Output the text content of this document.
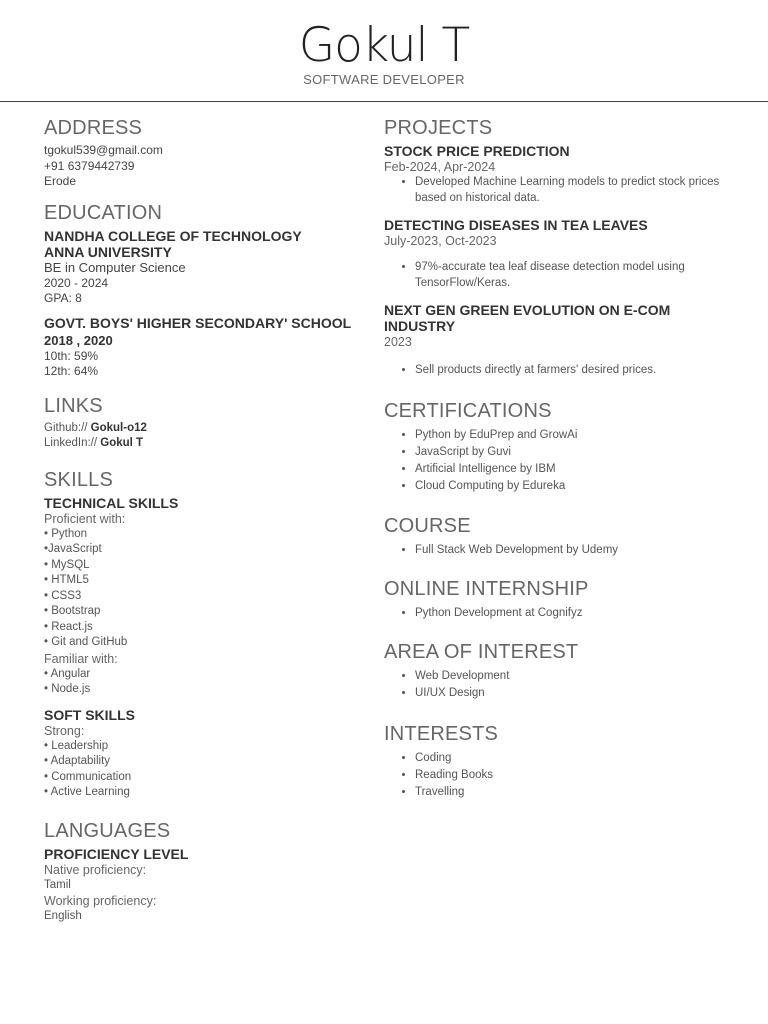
Gokul T
SOFTWARE DEVELOPER
ADDRESS
tgokul539@gmail.com
+91 6379442739
Erode
EDUCATION
NANDHA COLLEGE OF TECHNOLOGY
ANNA UNIVERSITY
BE in Computer Science
2020 - 2024
GPA: 8
GOVT. BOYS' HIGHER SECONDARY' SCHOOL
2018 , 2020
10th: 59%
12th: 64%
LINKS
Github:// Gokul-o12
LinkedIn:// Gokul T
SKILLS
TECHNICAL SKILLS
Proficient with:
• Python
•JavaScript
• MySQL
• HTML5
• CSS3
• Bootstrap
• React.js
• Git and GitHub
Familiar with:
• Angular
• Node.js
SOFT SKILLS
Strong:
• Leadership
• Adaptability
• Communication
• Active Learning
LANGUAGES
PROFICIENCY LEVEL
Native proficiency:
Tamil
Working proficiency:
English
PROJECTS
STOCK PRICE PREDICTION
Feb-2024, Apr-2024
• Developed Machine Learning models to predict stock prices based on historical data.
DETECTING DISEASES IN TEA LEAVES
July-2023, Oct-2023
• 97%-accurate tea leaf disease detection model using TensorFlow/Keras.
NEXT GEN GREEN EVOLUTION ON E-COM INDUSTRY
2023
• Sell products directly at farmers' desired prices.
CERTIFICATIONS
• Python by EduPrep and GrowAi
• JavaScript by Guvi
• Artificial Intelligence by IBM
• Cloud Computing by Edureka
COURSE
• Full Stack Web Development by Udemy
ONLINE INTERNSHIP
• Python Development at Cognifyz
AREA OF INTEREST
• Web Development
• UI/UX Design
INTERESTS
• Coding
• Reading Books
• Travelling
